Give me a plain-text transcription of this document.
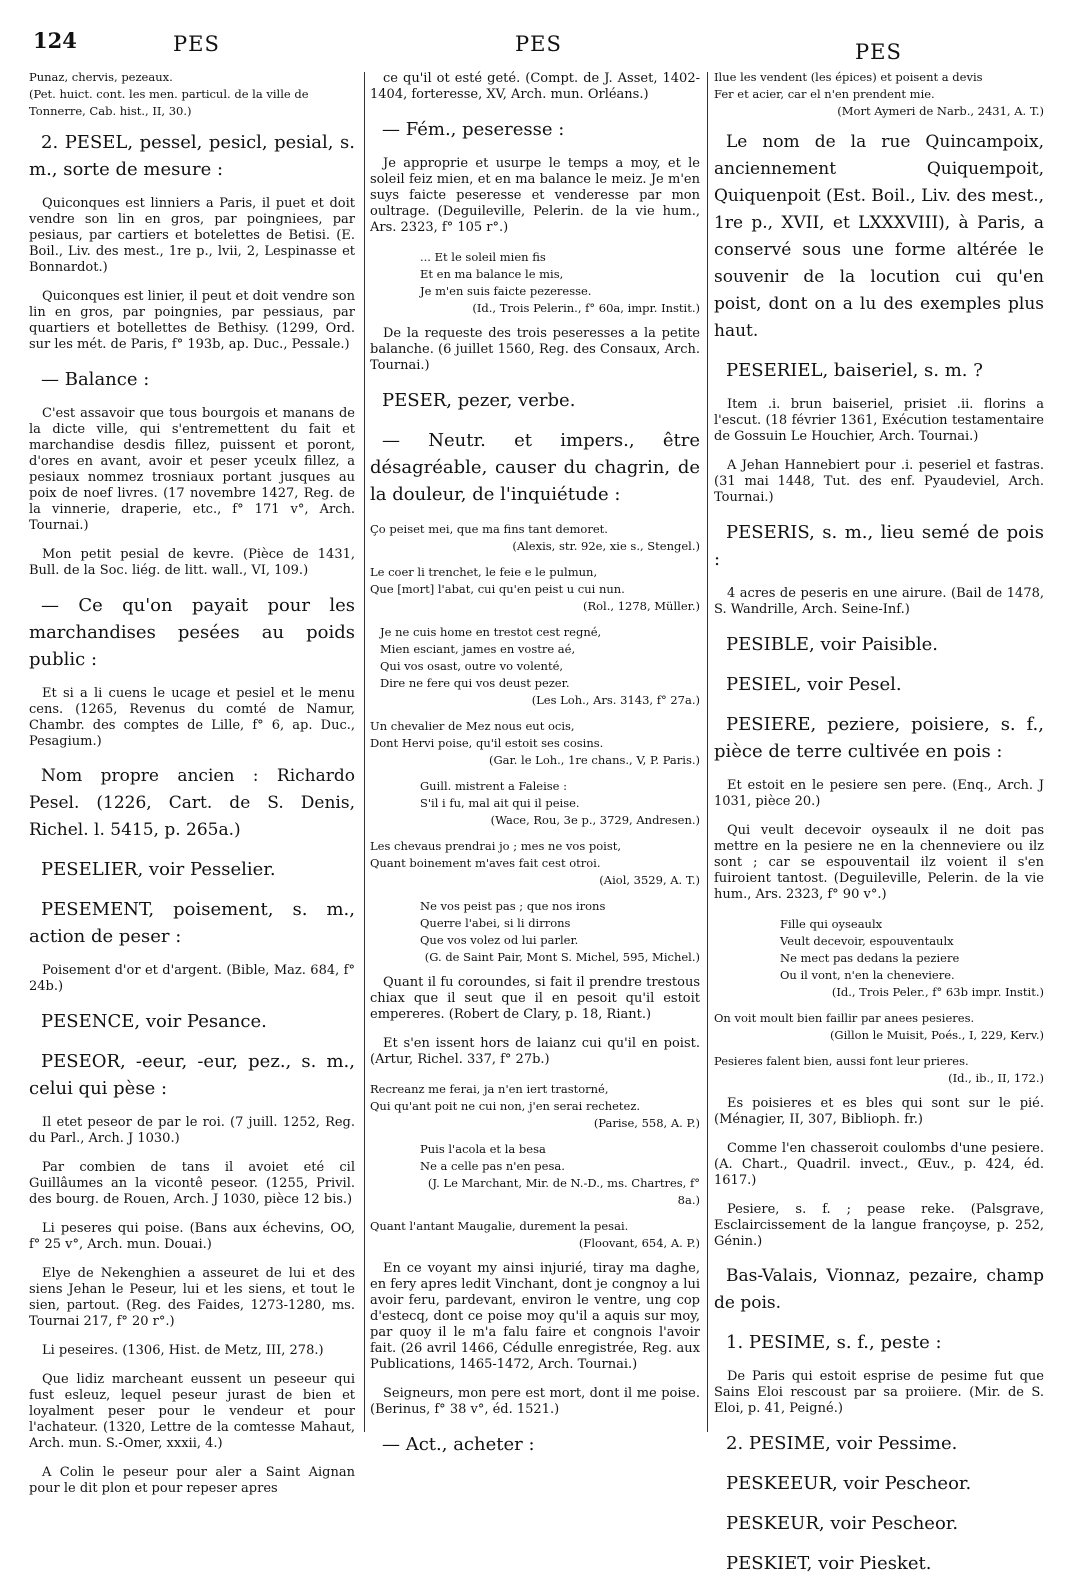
124	PES	PES	PES
Punaz, chervis, pezeaux.
(Pet. huict. cont. les men. particul. de la ville de Tonnerre, Cab. hist., II, 30.)

2. PESEL, pessel, pesicl, pesial, s. m., sorte de mesure :

Quiconques est linniers a Paris, il puet et doit vendre son lin en gros, par poingniees, par pesiaus, par cartiers et botelettes de Betisi. (E. Boil., Liv. des mest., 1re p., lvii, 2, Lespinasse et Bonnardot.)

Quiconques est linier, il peut et doit vendre son lin en gros, par poingnies, par pessiaus, par quartiers et botellettes de Bethisy. (1299, Ord. sur les mét. de Paris, f° 193b, ap. Duc., Pessale.)

— Balance :

C'est assavoir que tous bourgois et manans de la dicte ville, qui s'entremettent du fait et marchandise desdis fillez, puissent et poront, d'ores en avant, avoir et peser yceulx fillez, a pesiaux nommez trosniaux portant jusques au poix de noef livres. (17 novembre 1427, Reg. de la vinnerie, draperie, etc., f° 171 v°, Arch. Tournai.)

Mon petit pesial de kevre. (Pièce de 1431, Bull. de la Soc. liég. de litt. wall., VI, 109.)

— Ce qu'on payait pour les marchandises pesées au poids public :

Et si a li cuens le ucage et pesiel et le menu cens. (1265, Revenus du comté de Namur, Chambr. des comptes de Lille, f° 6, ap. Duc., Pesagium.)

Nom propre ancien : Richardo Pesel. (1226, Cart. de S. Denis, Richel. l. 5415, p. 265a.)

PESELIER, voir Pesselier.

PESEMENT, poisement, s. m., action de peser :

Poisement d'or et d'argent. (Bible, Maz. 684, f° 24b.)

PESENCE, voir Pesance.

PESEOR, -eeur, -eur, pez., s. m., celui qui pèse :

Il etet peseor de par le roi. (7 juill. 1252, Reg. du Parl., Arch. J 1030.)

Par combien de tans il avoiet eté cil Guillâumes an la vicontê peseor. (1255, Privil. des bourg. de Rouen, Arch. J 1030, pièce 12 bis.)

Li peseres qui poise. (Bans aux échevins, OO, f° 25 v°, Arch. mun. Douai.)

Elye de Nekenghien a asseuret de lui et des siens Jehan le Peseur, lui et les siens, et tout le sien, partout. (Reg. des Faides, 1273-1280, ms. Tournai 217, f° 20 r°.)

Li peseires. (1306, Hist. de Metz, III, 278.)

Que lidiz marcheant eussent un peseeur qui fust esleuz, lequel peseur jurast de bien et loyalment peser pour le vendeur et pour l'achateur. (1320, Lettre de la comtesse Mahaut, Arch. mun. S.-Omer, xxxii, 4.)

A Colin le peseur pour aler a Saint Aignan pour le dit plon et pour repeser apres

ce qu'il ot esté geté. (Compt. de J. Asset, 1402-1404, forteresse, XV, Arch. mun. Orléans.)

— Fém., peseresse :

Je approprie et usurpe le temps a moy, et le soleil feiz mien, et en ma balance le meiz. Je m'en suys faicte peseresse et venderesse par mon oultrage. (Deguileville, Pelerin. de la vie hum., Ars. 2323, f° 105 r°.)

... Et le soleil mien fis
Et en ma balance le mis,
Je m'en suis faicte pezeresse.
(Id., Trois Pelerin., f° 60a, impr. Instit.)

De la requeste des trois peseresses a la petite balanche. (6 juillet 1560, Reg. des Consaux, Arch. Tournai.)

PESER, pezer, verbe.

— Neutr. et impers., être désagréable, causer du chagrin, de la douleur, de l'inquiétude :

Ço peiset mei, que ma fins tant demoret.
(Alexis, str. 92e, xie s., Stengel.)
Le coer li trenchet, le feie e le pulmun,
Que [mort] l'abat, cui qu'en peist u cui nun.
(Rol., 1278, Müller.)
Je ne cuis home en trestot cest regné,
Mien esciant, james en vostre aé,
Qui vos osast, outre vo volenté,
Dire ne fere qui vos deust pezer.
(Les Loh., Ars. 3143, f° 27a.)
Un chevalier de Mez nous eut ocis,
Dont Hervi poise, qu'il estoit ses cosins.
(Gar. le Loh., 1re chans., V, P. Paris.)
Guill. mistrent a Faleise :
S'il i fu, mal ait qui il peise.
(Wace, Rou, 3e p., 3729, Andresen.)
Les chevaus prendrai jo ; mes ne vos poist,
Quant boinement m'aves fait cest otroi.
(Aiol, 3529, A. T.)
Ne vos peist pas ; que nos irons
Querre l'abei, si li dirrons
Que vos volez od lui parler.
(G. de Saint Pair, Mont S. Michel, 595, Michel.)

Quant il fu coroundes, si fait il prendre trestous chiax que il seut que il en pesoit qu'il estoit empereres. (Robert de Clary, p. 18, Riant.)

Et s'en issent hors de laianz cui qu'il en poist. (Artur, Richel. 337, f° 27b.)

Recreanz me ferai, ja n'en iert trastorné,
Qui qu'ant poit ne cui non, j'en serai rechetez.
(Parise, 558, A. P.)
Puis l'acola et la besa
Ne a celle pas n'en pesa.
(J. Le Marchant, Mir. de N.-D., ms. Chartres, f° 8a.)
Quant l'antant Maugalie, durement la pesai.
(Floovant, 654, A. P.)

En ce voyant my ainsi injurié, tiray ma daghe, en fery apres ledit Vinchant, dont je congnoy a lui avoir feru, pardevant, environ le ventre, ung cop d'estecq, dont ce poise moy qu'il a aquis sur moy, par quoy il le m'a falu faire et congnois l'avoir fait. (26 avril 1466, Cédulle enregistrée, Reg. aux Publications, 1465-1472, Arch. Tournai.)

Seigneurs, mon pere est mort, dont il me poise. (Berinus, f° 38 v°, éd. 1521.)

— Act., acheter :

Ilue les vendent (les épices) et poisent a devis
Fer et acier, car el n'en prendent mie.
(Mort Aymeri de Narb., 2431, A. T.)

Le nom de la rue Quincampoix, anciennement Quiquempoit, Quiquenpoit (Est. Boil., Liv. des mest., 1re p., XVII, et LXXXVIII), à Paris, a conservé sous une forme altérée le souvenir de la locution cui qu'en poist, dont on a lu des exemples plus haut.

PESERIEL, baiseriel, s. m. ?

Item .i. brun baiseriel, prisiet .ii. florins a l'escut. (18 février 1361, Exécution testamentaire de Gossuin Le Houchier, Arch. Tournai.)

A Jehan Hannebiert pour .i. peseriel et fastras. (31 mai 1448, Tut. des enf. Pyaudeviel, Arch. Tournai.)

PESERIS, s. m., lieu semé de pois :

4 acres de peseris en une airure. (Bail de 1478, S. Wandrille, Arch. Seine-Inf.)

PESIBLE, voir Paisible.

PESIEL, voir Pesel.

PESIERE, peziere, poisiere, s. f., pièce de terre cultivée en pois :

Et estoit en le pesiere sen pere. (Enq., Arch. J 1031, pièce 20.)

Qui veult decevoir oyseaulx il ne doit pas mettre en la pesiere ne en la chenneviere ou ilz sont ; car se espouventail ilz voient il s'en fuiroient tantost. (Deguileville, Pelerin. de la vie hum., Ars. 2323, f° 90 v°.)

Fille qui oyseaulx
Veult decevoir, espouventaulx
Ne mect pas dedans la peziere
Ou il vont, n'en la cheneviere.
(Id., Trois Peler., f° 63b impr. Instit.)
On voit moult bien faillir par anees pesieres.
(Gillon le Muisit, Poés., I, 229, Kerv.)
Pesieres falent bien, aussi font leur prieres.
(Id., ib., II, 172.)

Es poisieres et es bles qui sont sur le pié. (Ménagier, II, 307, Biblioph. fr.)

Comme l'en chasseroit coulombs d'une pesiere. (A. Chart., Quadril. invect., Œuv., p. 424, éd. 1617.)

Pesiere, s. f. ; pease reke. (Palsgrave, Esclaircissement de la langue françoyse, p. 252, Génin.)

Bas-Valais, Vionnaz, pezaire, champ de pois.

1. PESIME, s. f., peste :

De Paris qui estoit esprise de pesime fut que Sains Eloi rescoust par sa proiiere. (Mir. de S. Eloi, p. 41, Peigné.)

2. PESIME, voir Pessime.

PESKEEUR, voir Pescheor.

PESKEUR, voir Pescheor.

PESKIET, voir Piesket.
